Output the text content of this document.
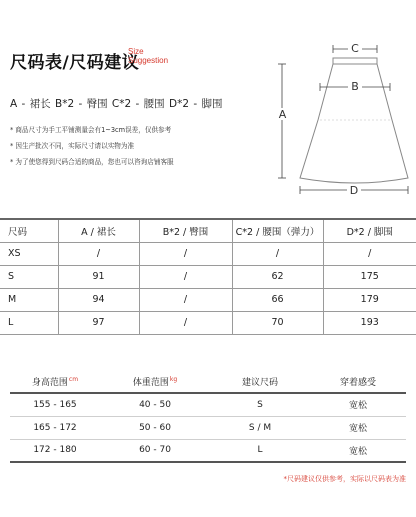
尺码表/尺码建议
Size
Suggestion
A - 裙长 B*2 - 臀围 C*2 - 腰围 D*2 - 脚围
* 商品尺寸为手工平铺测量会有1~3cm误差，仅供参考
* 因生产批次不同，实际尺寸请以实物为准
* 为了使您得到尺码合适的商品，您也可以咨询店铺客服
C
B
A
D
尺码	A / 裙长	B*2 / 臀围	C*2 / 腰围（弹力）	D*2 / 脚围
XS	/	/	/	/
S	91	/	62	175
M	94	/	66	179
L	97	/	70	193
身高范围$^{cm}$	体重范围$^{kg}$	建议尺码	穿着感受
155 - 165	40 - 50	S	宽松
165 - 172	50 - 60	S / M	宽松
172 - 180	60 - 70	L	宽松
*尺码建议仅供参考，实际以尺码表为准
